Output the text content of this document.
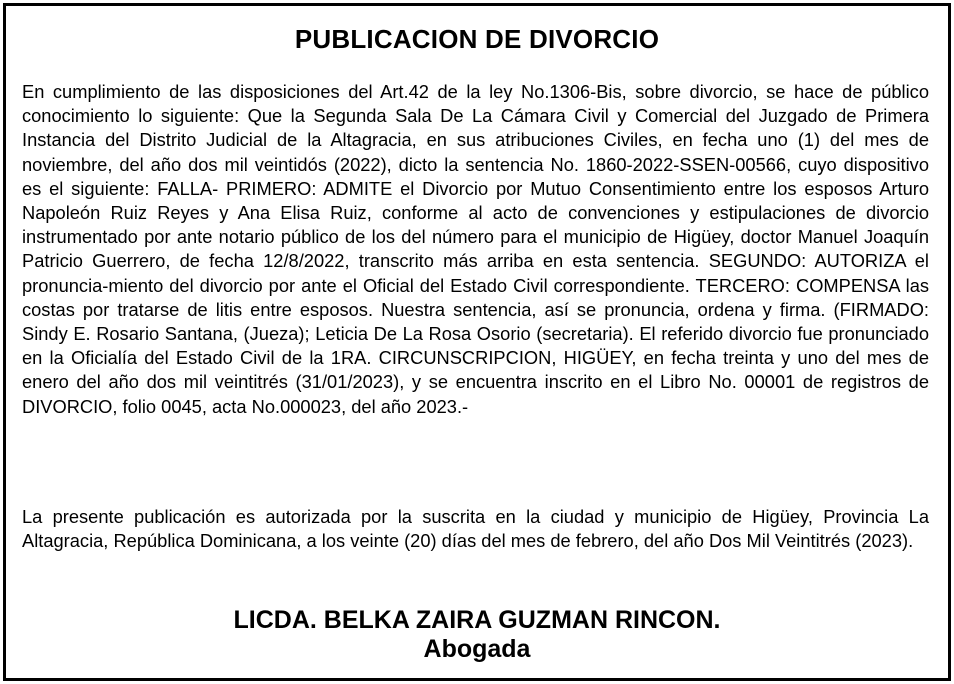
PUBLICACION DE DIVORCIO

En cumplimiento de las disposiciones del Art.42 de la ley No.1306-Bis, sobre divorcio, se hace de público conocimiento lo siguiente: Que la Segunda Sala De La Cámara Civil y Comercial del Juzgado de Primera Instancia del Distrito Judicial de la Altagracia, en sus atribuciones Civiles, en fecha uno (1) del mes de noviembre, del año dos mil veintidós (2022), dicto la sentencia No. 1860-2022-SSEN-00566, cuyo dispositivo es el siguiente: FALLA- PRIMERO: ADMITE el Divorcio por Mutuo Consentimiento entre los esposos Arturo Napoleón Ruiz Reyes y Ana Elisa Ruiz, conforme al acto de convenciones y estipulaciones de divorcio instrumentado por ante notario público de los del número para el municipio de Higüey, doctor Manuel Joaquín Patricio Guerrero, de fecha 12/8/2022, transcrito más arriba en esta sentencia. SEGUNDO: AUTORIZA el pronuncia-miento del divorcio por ante el Oficial del Estado Civil correspondiente. TERCERO: COMPENSA las costas por tratarse de litis entre esposos. Nuestra sentencia, así se pronuncia, ordena y firma. (FIRMADO: Sindy E. Rosario Santana, (Jueza); Leticia De La Rosa Osorio (secretaria). El referido divorcio fue pronunciado en la Oficialía del Estado Civil de la 1RA. CIRCUNSCRIPCION, HIGÜEY, en fecha treinta y uno del mes de enero del año dos mil veintitrés (31/01/2023), y se encuentra inscrito en el Libro No. 00001 de registros de DIVORCIO, folio 0045, acta No.000023, del año 2023.-

La presente publicación es autorizada por la suscrita en la ciudad y municipio de Higüey, Provincia La Altagracia, República Dominicana, a los veinte (20) días del mes de febrero, del año Dos Mil Veintitrés (2023).

LICDA. BELKA ZAIRA GUZMAN RINCON.
Abogada
